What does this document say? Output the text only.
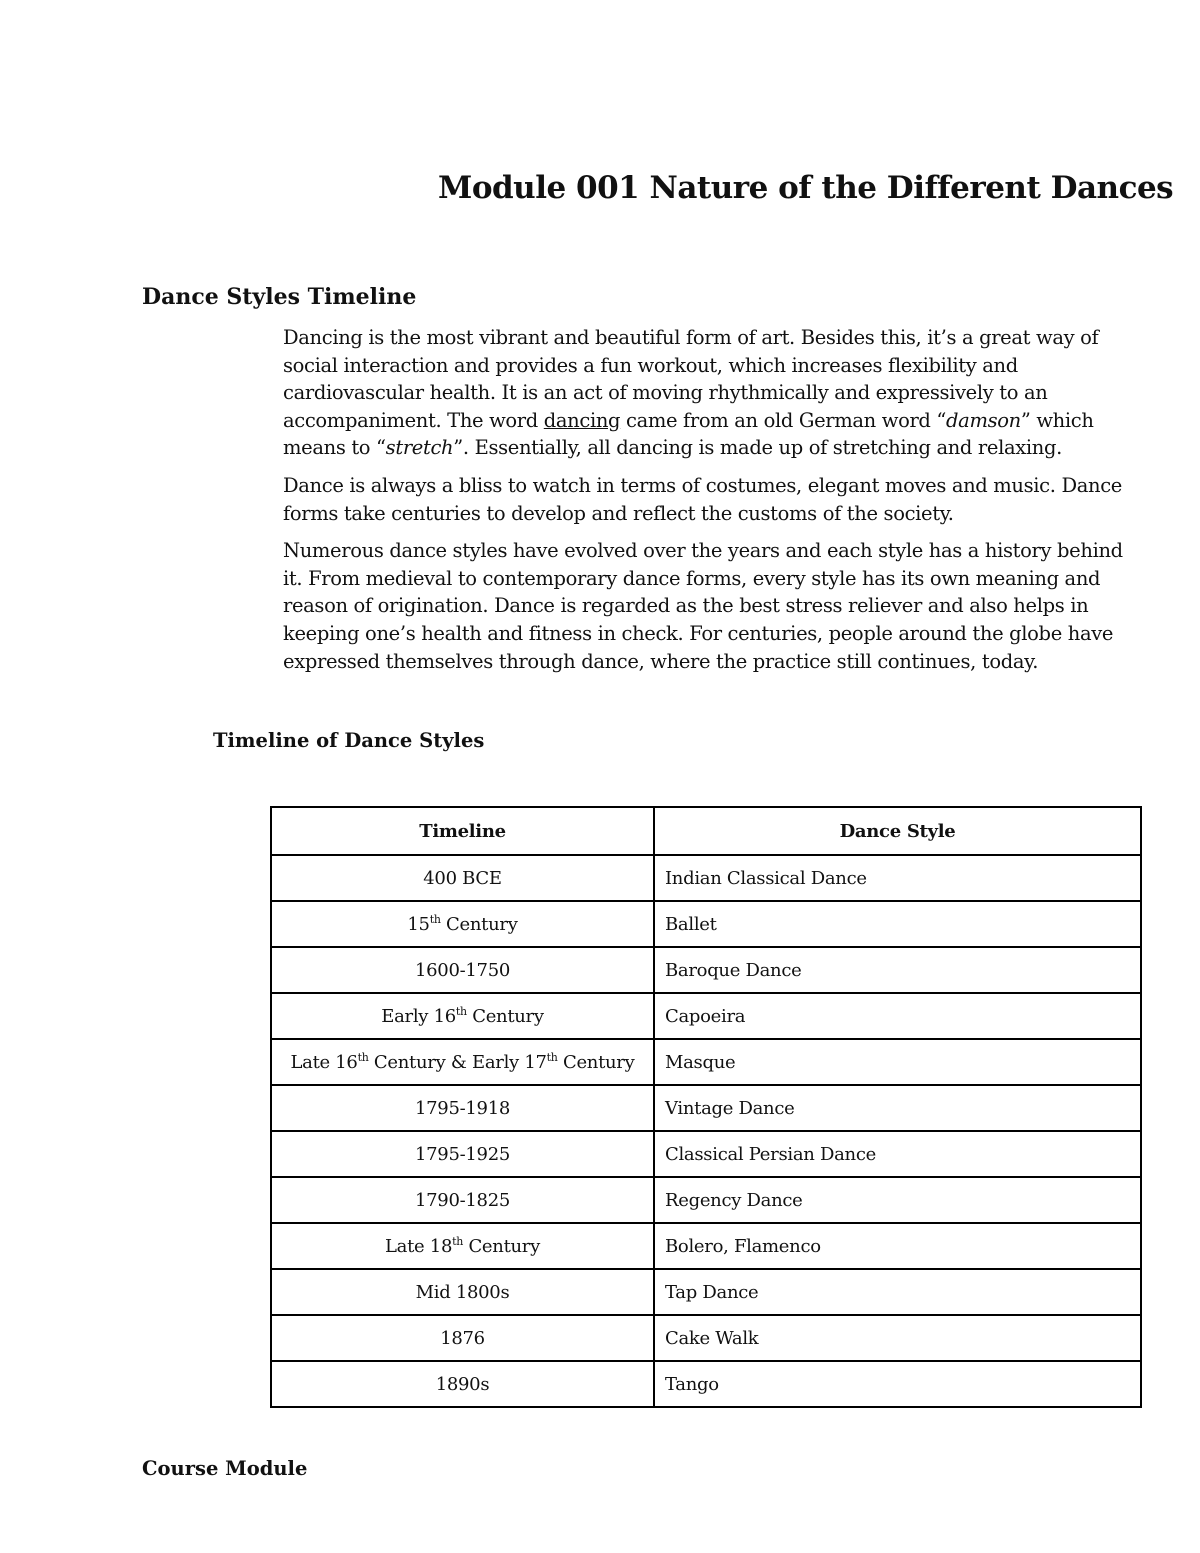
Module 001 Nature of the Different Dances
Dance Styles Timeline

Dancing is the most vibrant and beautiful form of art. Besides this, it’s a great way of social interaction and provides a fun workout, which increases flexibility and cardiovascular health. It is an act of moving rhythmically and expressively to an accompaniment. The word dancing came from an old German word “damson” which means to “stretch”. Essentially, all dancing is made up of stretching and relaxing.

Dance is always a bliss to watch in terms of costumes, elegant moves and music. Dance forms take centuries to develop and reflect the customs of the society.

Numerous dance styles have evolved over the years and each style has a history behind it. From medieval to contemporary dance forms, every style has its own meaning and reason of origination. Dance is regarded as the best stress reliever and also helps in keeping one’s health and fitness in check. For centuries, people around the globe have expressed themselves through dance, where the practice still continues, today.

Timeline of Dance Styles
Timeline	Dance Style
400 BCE	Indian Classical Dance
15th Century	Ballet
1600-1750	Baroque Dance
Early 16th Century	Capoeira
Late 16th Century & Early 17th Century	Masque
1795-1918	Vintage Dance
1795-1925	Classical Persian Dance
1790-1825	Regency Dance
Late 18th Century	Bolero, Flamenco
Mid 1800s	Tap Dance
1876	Cake Walk
1890s	Tango
Course Module
